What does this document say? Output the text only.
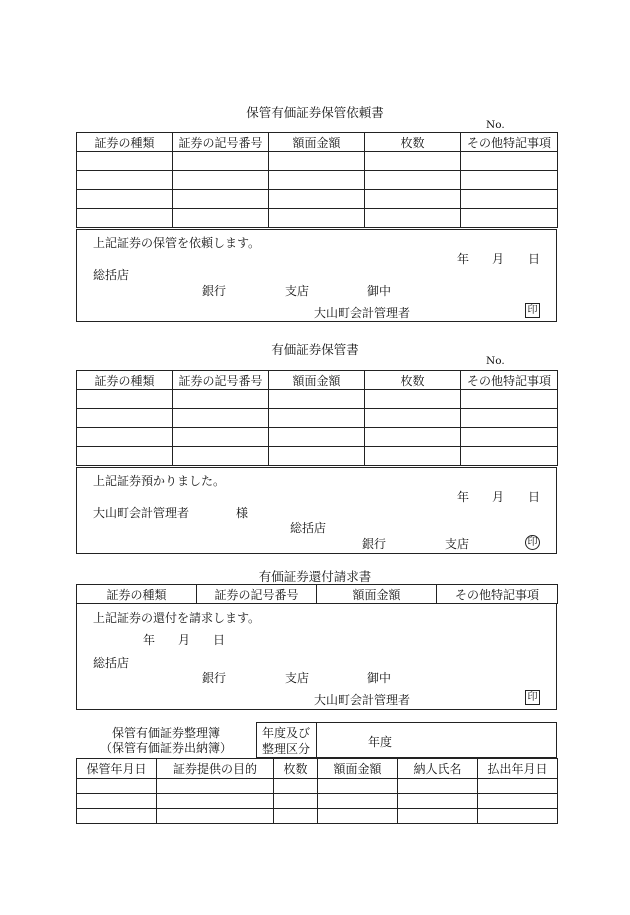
保管有価証券保管依頼書
No.
証券の種類	証券の記号番号	額面金額	枚数	その他特記事項

上記証券の保管を依頼します。
年 月 日
総括店
銀行	支店	御中
大山町会計管理者	印
有価証券保管書
No.
証券の種類	証券の記号番号	額面金額	枚数	その他特記事項

上記証券預かりました。
年 月 日
大山町会計管理者	様
総括店
銀行	支店	印
有価証券還付請求書
証券の種類	証券の記号番号	額面金額	その他特記事項
上記証券の還付を請求します。
年 月 日
総括店
銀行	支店	御中
大山町会計管理者	印
保管有価証券整理簿
（保管有価証券出納簿）
年度及び
整理区分	年度
保管年月日	証券提供の目的	枚数	額面金額	納人氏名	払出年月日
